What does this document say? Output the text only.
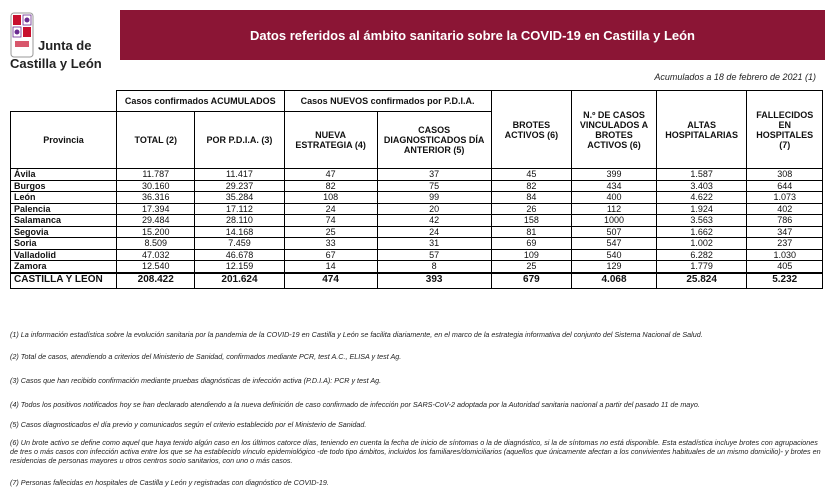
Junta de
Castilla y León
Datos referidos al ámbito sanitario sobre la COVID-19 en Castilla y León
Acumulados a 18 de febrero de 2021 (1)
	Casos confirmados ACUMULADOS		Casos NUEVOS confirmados por P.D.I.A.		BROTES ACTIVOS (6)	N.º DE CASOS VINCULADOS A BROTES ACTIVOS (6)	ALTAS HOSPITALARIAS	FALLECIDOS EN HOSPITALES (7)
Provincia	TOTAL (2)	POR P.D.I.A. (3)	NUEVA ESTRATEGIA (4)	CASOS DIAGNOSTICADOS DÍA ANTERIOR (5)				
Ávila	11.787	11.417	47	37	45	399	1.587	308
Burgos	30.160	29.237	82	75	82	434	3.403	644
León	36.316	35.284	108	99	84	400	4.622	1.073
Palencia	17.394	17.112	24	20	26	112	1.924	402
Salamanca	29.484	28.110	74	42	158	1000	3.563	786
Segovia	15.200	14.168	25	24	81	507	1.662	347
Soria	8.509	7.459	33	31	69	547	1.002	237
Valladolid	47.032	46.678	67	57	109	540	6.282	1.030
Zamora	12.540	12.159	14	8	25	129	1.779	405
CASTILLA Y LEÓN	208.422	201.624	474	393	679	4.068	25.824	5.232

(1) La información estadística sobre la evolución sanitaria por la pandemia de la COVID-19 en Castilla y León se facilita diariamente, en el marco de la estrategia informativa del conjunto del Sistema Nacional de Salud.

(2) Total de casos, atendiendo a criterios del Ministerio de Sanidad, confirmados mediante PCR, test A.C., ELISA y test Ag.

(3) Casos que han recibido confirmación mediante pruebas diagnósticas de infección activa (P.D.I.A): PCR y test Ag.

(4) Todos los positivos notificados hoy se han declarado atendiendo a la nueva definición de caso confirmado de infección por SARS-CoV-2 adoptada por la Autoridad sanitaria nacional a partir del pasado 11 de mayo.

(5) Casos diagnosticados el día previo y comunicados según el criterio establecido por el Ministerio de Sanidad.

(6) Un brote activo se define como aquel que haya tenido algún caso en los últimos catorce días, teniendo en cuenta la fecha de inicio de síntomas o la de diagnóstico, si la de síntomas no está disponible. Esta estadística incluye brotes con agrupaciones de tres o más casos con infección activa entre los que se ha establecido vínculo epidemiológico -de todo tipo ámbitos, incluidos los familiares/domiciliarios (aquellos que únicamente afectan a los convivientes habituales de un mismo domicilio)- y brotes en residencias de personas mayores u otros centros socio sanitarios, con uno o más casos.

(7) Personas fallecidas en hospitales de Castilla y León y registradas con diagnóstico de COVID-19.
